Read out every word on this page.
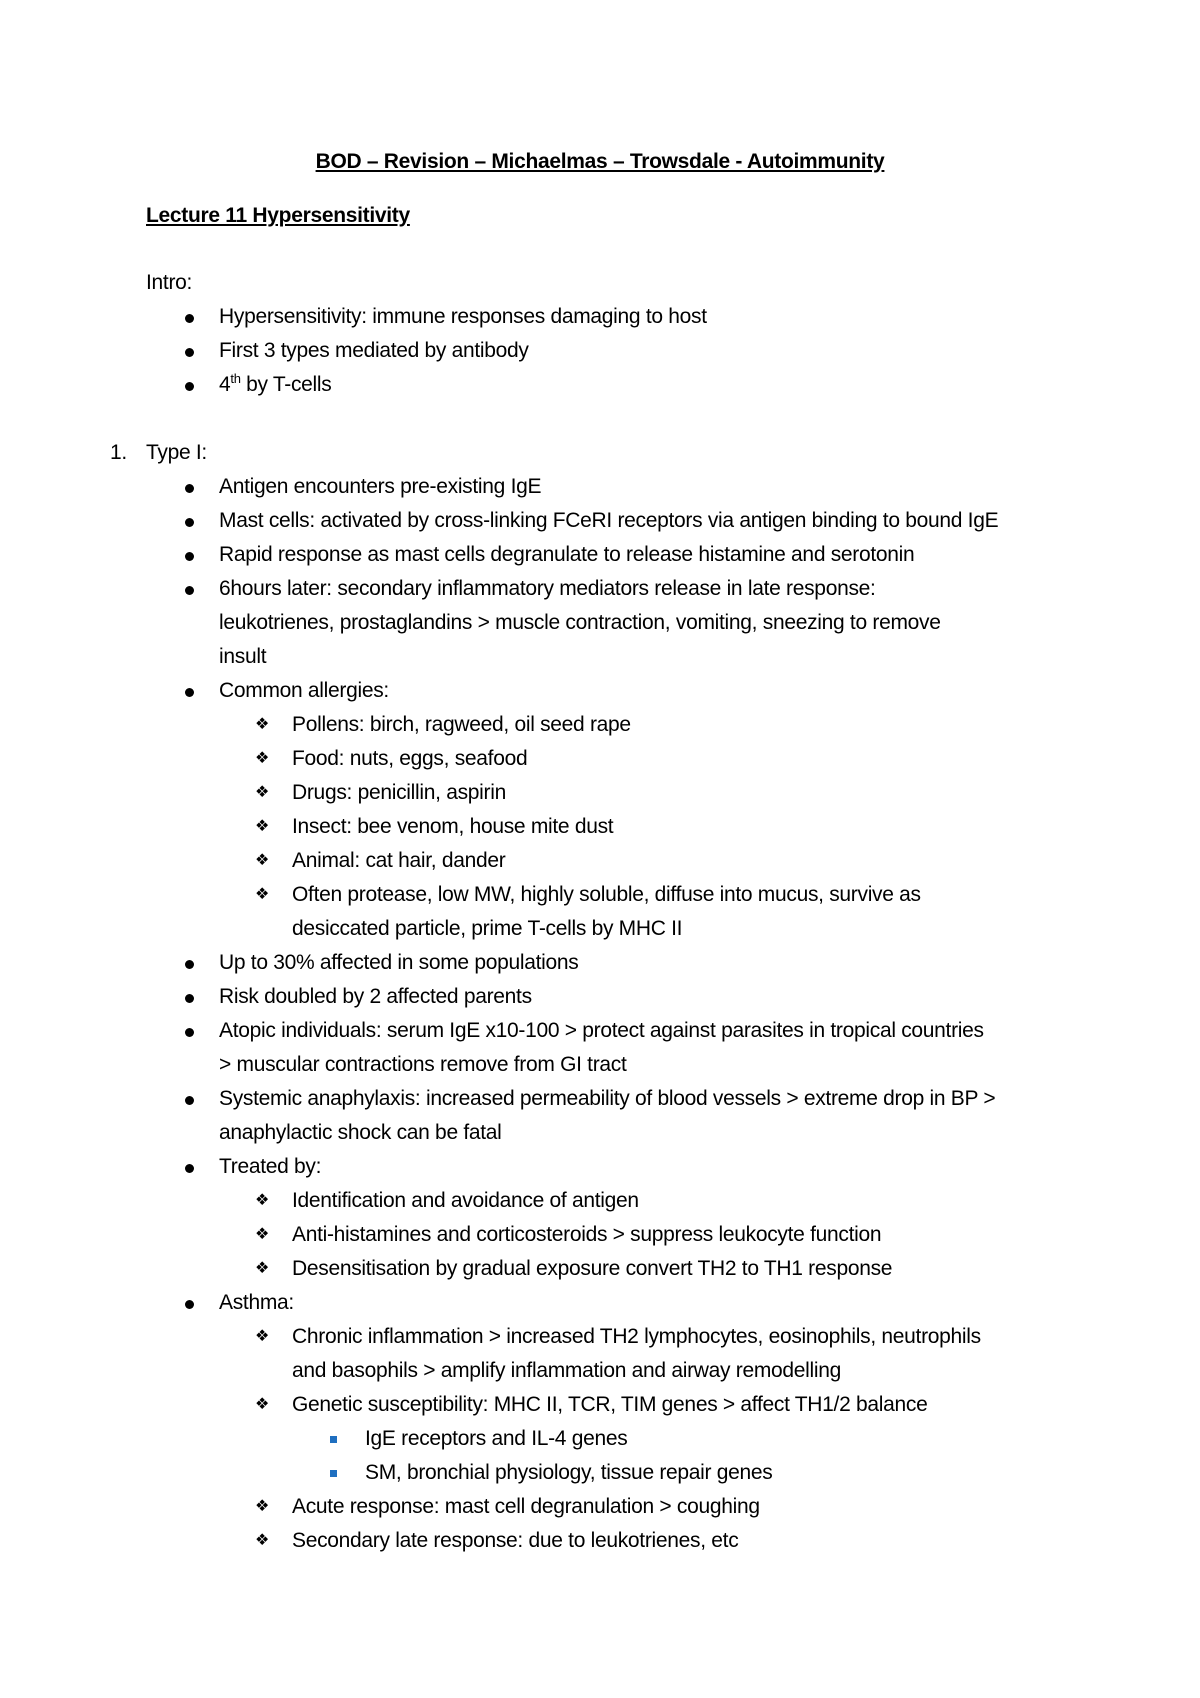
BOD – Revision – Michaelmas – Trowsdale - Autoimmunity
Lecture 11 Hypersensitivity
Intro:
Hypersensitivity: immune responses damaging to host
First 3 types mediated by antibody
4th by T-cells
1. Type I:
Antigen encounters pre-existing IgE
Mast cells: activated by cross-linking FCeRI receptors via antigen binding to bound IgE
Rapid response as mast cells degranulate to release histamine and serotonin
6hours later: secondary inflammatory mediators release in late response:
leukotrienes, prostaglandins > muscle contraction, vomiting, sneezing to remove
insult
Common allergies:
❖ Pollens: birch, ragweed, oil seed rape
❖ Food: nuts, eggs, seafood
❖ Drugs: penicillin, aspirin
❖ Insect: bee venom, house mite dust
❖ Animal: cat hair, dander
❖ Often protease, low MW, highly soluble, diffuse into mucus, survive as
desiccated particle, prime T-cells by MHC II
Up to 30% affected in some populations
Risk doubled by 2 affected parents
Atopic individuals: serum IgE x10-100 > protect against parasites in tropical countries
> muscular contractions remove from GI tract
Systemic anaphylaxis: increased permeability of blood vessels > extreme drop in BP >
anaphylactic shock can be fatal
Treated by:
❖ Identification and avoidance of antigen
❖ Anti-histamines and corticosteroids > suppress leukocyte function
❖ Desensitisation by gradual exposure convert TH2 to TH1 response
Asthma:
❖ Chronic inflammation > increased TH2 lymphocytes, eosinophils, neutrophils
and basophils > amplify inflammation and airway remodelling
❖ Genetic susceptibility: MHC II, TCR, TIM genes > affect TH1/2 balance
IgE receptors and IL-4 genes
SM, bronchial physiology, tissue repair genes
❖ Acute response: mast cell degranulation > coughing
❖ Secondary late response: due to leukotrienes, etc
